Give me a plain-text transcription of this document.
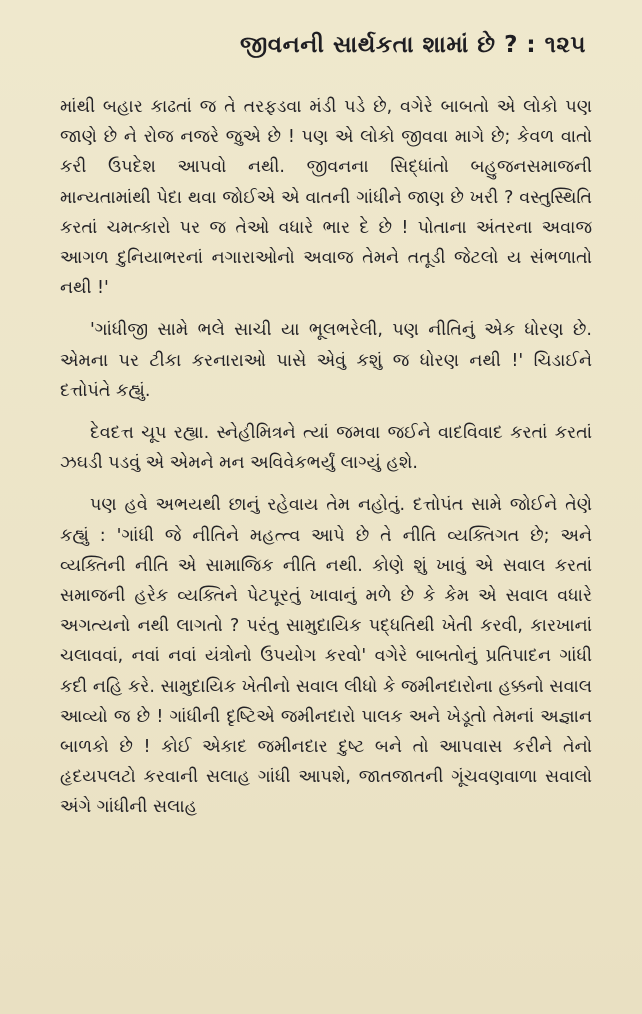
જીવનની સાર્થકતા શામાં છે ? : ૧૨૫

માંથી બહાર કાઢતાં જ તે તરફડવા મંડી પડે છે, વગેરે બાબતો એ લોકો પણ જાણે છે ને રોજ નજરે જુએ છે ! પણ એ લોકો જીવવા માગે છે; કેવળ વાતો કરી ઉપદેશ આપવો નથી. જીવનના સિદ્ધાંતો બહુજનસમાજની માન્યતામાંથી પેદા થવા જોઈએ એ વાતની ગાંધીને જાણ છે ખરી ? વસ્તુસ્થિતિ કરતાં ચમત્કારો પર જ તેઓ વધારે ભાર દે છે ! પોતાના અંતરના અવાજ આગળ દુનિયાભરનાં નગારાઓનો અવાજ તેમને તતૂડી જેટલો ય સંભળાતો નથી !'

'ગાંધીજી સામે ભલે સાચી યા ભૂલભરેલી, પણ નીતિનું એક ધોરણ છે. એમના પર ટીકા કરનારાઓ પાસે એવું કશું જ ધોરણ નથી !' ચિડાઈને દત્તોપંતે કહ્યું.

દેવદત્ત ચૂપ રહ્યા. સ્નેહીમિત્રને ત્યાં જમવા જઈને વાદવિવાદ કરતાં કરતાં ઝઘડી પડવું એ એમને મન અવિવેકભર્યું લાગ્યું હશે.

પણ હવે અભયથી છાનું રહેવાય તેમ નહોતું. દત્તોપંત સામે જોઈને તેણે કહ્યું : 'ગાંધી જે નીતિને મહત્ત્વ આપે છે તે નીતિ વ્યક્તિગત છે; અને વ્યક્તિની નીતિ એ સામાજિક નીતિ નથી. કોણે શું ખાવું એ સવાલ કરતાં સમાજની હરેક વ્યક્તિને પેટપૂરતું ખાવાનું મળે છે કે કેમ એ સવાલ વધારે અગત્યનો નથી લાગતો ? પરંતુ સામુદાયિક પદ્ધતિથી ખેતી કરવી, કારખાનાં ચલાવવાં, નવાં નવાં યંત્રોનો ઉપયોગ કરવો' વગેરે બાબતોનું પ્રતિપાદન ગાંધી કદી નહિ કરે. સામુદાયિક ખેતીનો સવાલ લીધો કે જમીનદારોના હક્કનો સવાલ આવ્યો જ છે ! ગાંધીની દૃષ્ટિએ જમીનદારો પાલક અને ખેડૂતો તેમનાં અજ્ઞાન બાળકો છે ! કોઈ એકાદ જમીનદાર દુષ્ટ બને તો આપવાસ કરીને તેનો હૃદયપલટો કરવાની સલાહ ગાંધી આપશે, જાતજાતની ગૂંચવણવાળા સવાલો અંગે ગાંધીની સલાહ
